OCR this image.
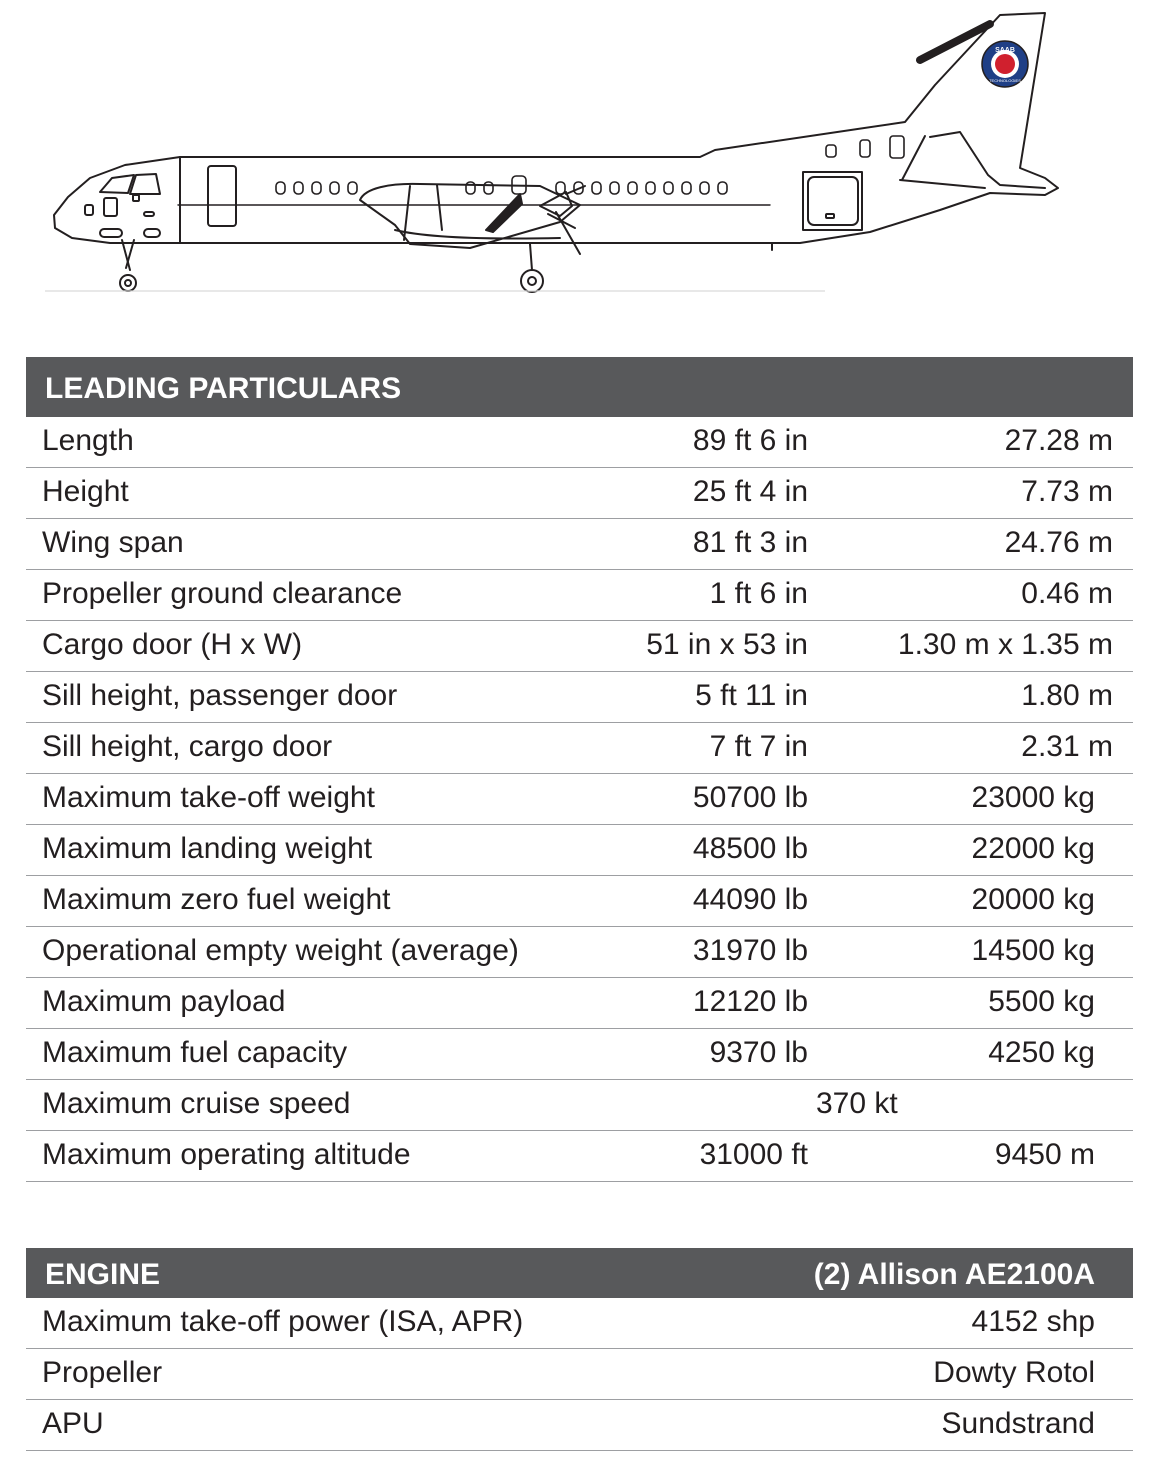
SAAB
TECHNOLOGIES
LEADING PARTICULARS
Length	89 ft 6 in	27.28 m
Height	25 ft 4 in	7.73 m
Wing span	81 ft 3 in	24.76 m
Propeller ground clearance	1 ft 6 in	0.46 m
Cargo door (H x W)	51 in x 53 in	1.30 m x 1.35 m
Sill height, passenger door	5 ft 11 in	1.80 m
Sill height, cargo door	7 ft 7 in	2.31 m
Maximum take-off weight	50700 lb	23000 kg
Maximum landing weight	48500 lb	22000 kg
Maximum zero fuel weight	44090 lb	20000 kg
Operational empty weight (average)	31970 lb	14500 kg
Maximum payload	12120 lb	5500 kg
Maximum fuel capacity	9370 lb	4250 kg
Maximum cruise speed	370 kt
Maximum operating altitude	31000 ft	9450 m
ENGINE	(2) Allison AE2100A
Maximum take-off power (ISA, APR)	4152 shp
Propeller	Dowty Rotol
APU	Sundstrand
